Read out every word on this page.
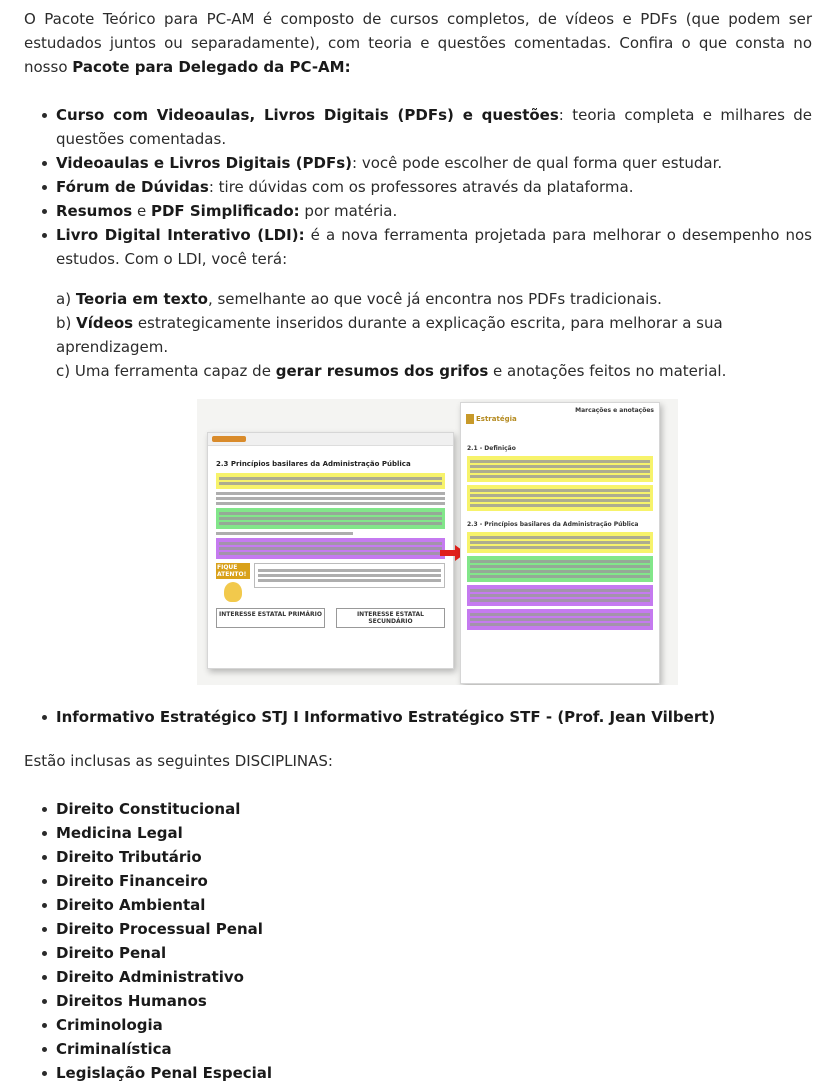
O Pacote Teórico para PC-AM é composto de cursos completos, de vídeos e PDFs (que podem ser estudados juntos ou separadamente), com teoria e questões comentadas. Confira o que consta no nosso Pacote para Delegado da PC-AM:

Curso com Videoaulas, Livros Digitais (PDFs) e questões: teoria completa e milhares de questões comentadas.
Videoaulas e Livros Digitais (PDFs): você pode escolher de qual forma quer estudar.
Fórum de Dúvidas: tire dúvidas com os professores através da plataforma.
Resumos e PDF Simplificado: por matéria.
Livro Digital Interativo (LDI): é a nova ferramenta projetada para melhorar o desempenho nos estudos. Com o LDI, você terá:
a) Teoria em texto, semelhante ao que você já encontra nos PDFs tradicionais.
b) Vídeos estrategicamente inseridos durante a explicação escrita, para melhorar a sua aprendizagem.
c) Uma ferramenta capaz de gerar resumos dos grifos e anotações feitos no material.
2.3 Princípios basilares da Administração Pública
FIQUE ATENTO!
INTERESSE ESTATAL PRIMÁRIO	INTERESSE ESTATAL SECUNDÁRIO
Estratégia
Marcações e anotações
2.1 - Definição
2.3 - Princípios basilares da Administração Pública
Informativo Estratégico STJ I Informativo Estratégico STF - (Prof. Jean Vilbert)

Estão inclusas as seguintes DISCIPLINAS:

Direito Constitucional
Medicina Legal
Direito Tributário
Direito Financeiro
Direito Ambiental
Direito Processual Penal
Direito Penal
Direito Administrativo
Direitos Humanos
Criminologia
Criminalística
Legislação Penal Especial
